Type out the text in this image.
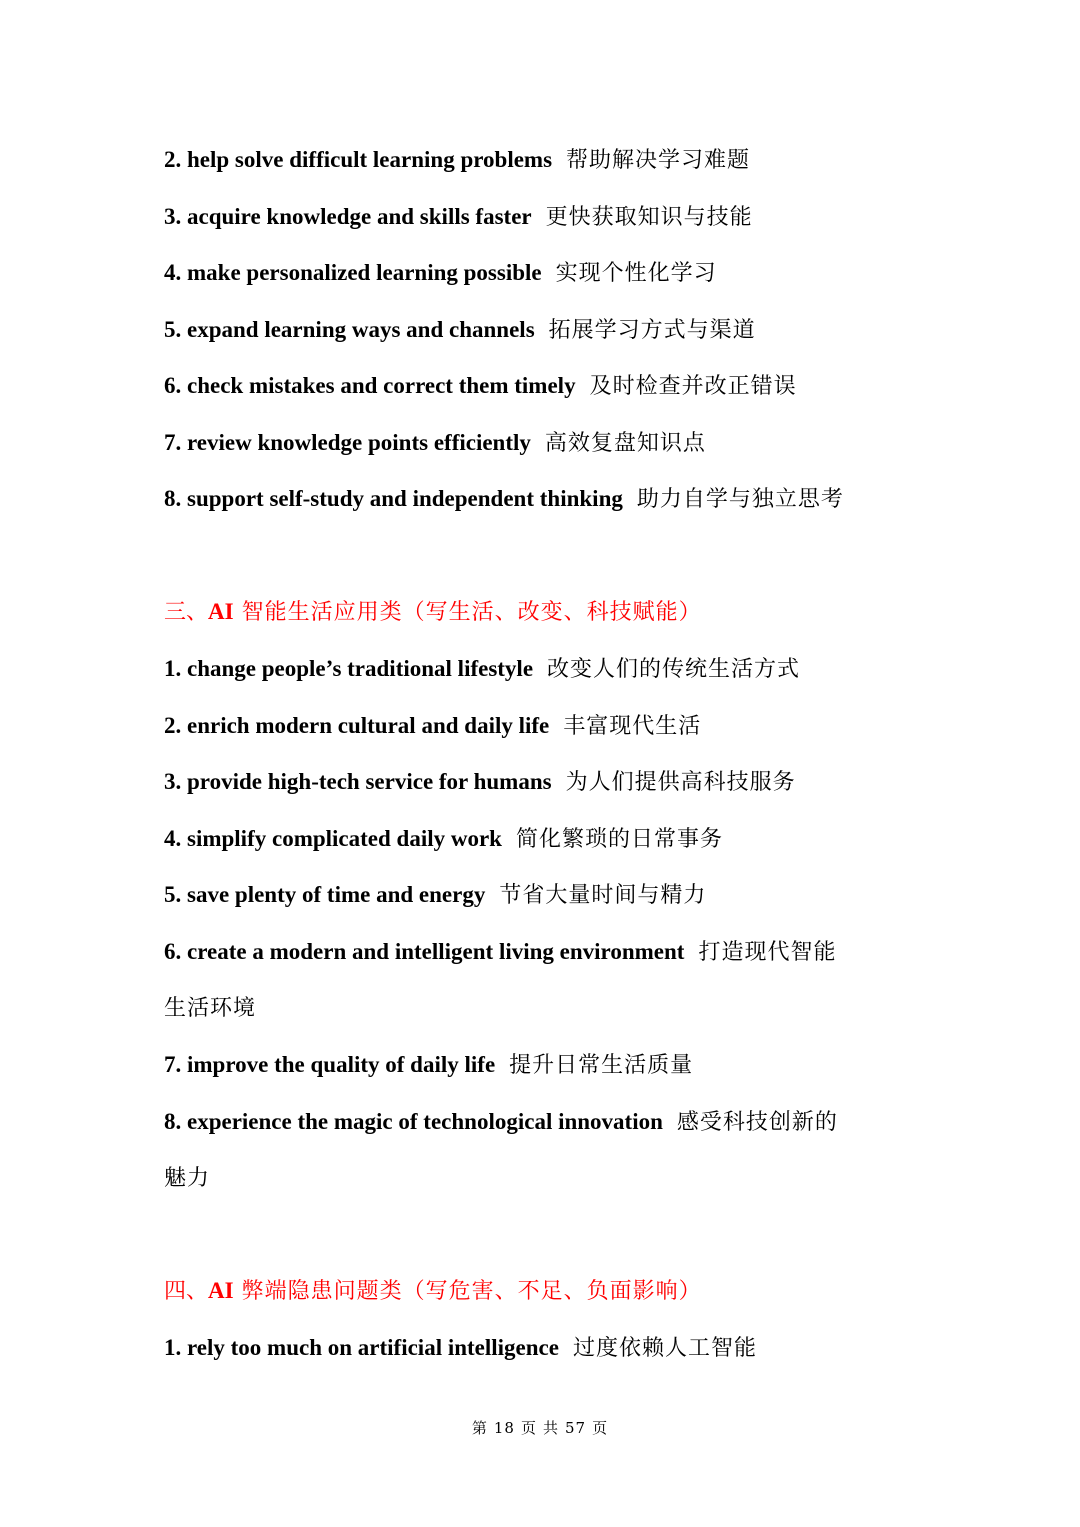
2. help solve difficult learning problems 帮助解决学习难题
3. acquire knowledge and skills faster 更快获取知识与技能
4. make personalized learning possible 实现个性化学习
5. expand learning ways and channels 拓展学习方式与渠道
6. check mistakes and correct them timely 及时检查并改正错误
7. review knowledge points efficiently 高效复盘知识点
8. support self-study and independent thinking 助力自学与独立思考
三、AI 智能生活应用类（写生活、改变、科技赋能）
1. change people’s traditional lifestyle 改变人们的传统生活方式
2. enrich modern cultural and daily life 丰富现代生活
3. provide high-tech service for humans 为人们提供高科技服务
4. simplify complicated daily work 简化繁琐的日常事务
5. save plenty of time and energy 节省大量时间与精力
6. create a modern and intelligent living environment 打造现代智能
生活环境
7. improve the quality of daily life 提升日常生活质量
8. experience the magic of technological innovation 感受科技创新的
魅力
四、AI 弊端隐患问题类（写危害、不足、负面影响）
1. rely too much on artificial intelligence 过度依赖人工智能
第 18 页 共 57 页
